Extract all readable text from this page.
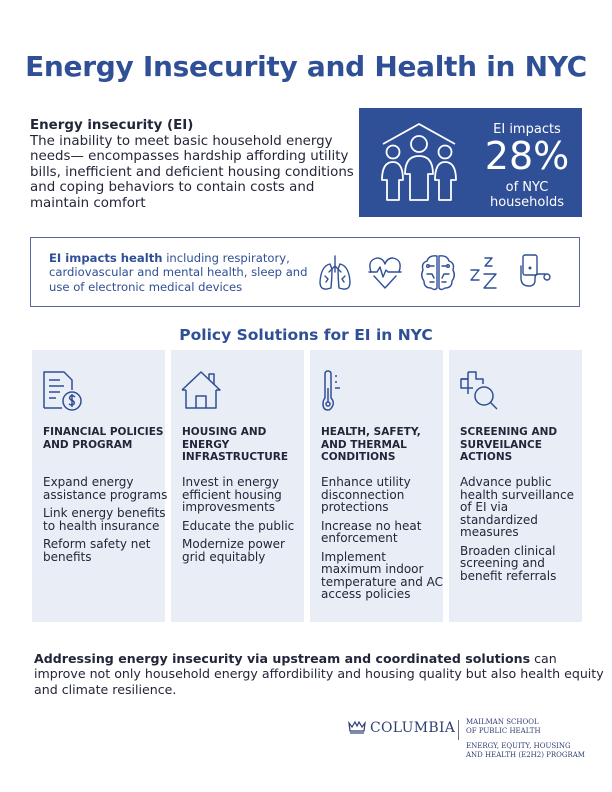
Energy Insecurity and Health in NYC
Energy insecurity (EI)
The inability to meet basic household energy needs— encompasses hardship affording utility bills, inefficient and deficient housing conditions and coping behaviors to contain costs and maintain comfort
EI impacts
28%
of NYC
households
EI impacts health including respiratory, cardiovascular and mental health, sleep and use of electronic medical devices
Policy Solutions for EI in NYC
FINANCIAL POLICIES AND PROGRAM
Expand energy assistance programs
Link energy benefits to health insurance
Reform safety net benefits
HOUSING AND ENERGY INFRASTRUCTURE
Invest in energy efficient housing improvesments
Educate the public
Modernize power grid equitably
HEALTH, SAFETY, AND THERMAL CONDITIONS
Enhance utility disconnection protections
Increase no heat enforcement
Implement maximum indoor temperature and AC access policies
SCREENING AND SURVEILANCE ACTIONS
Advance public health surveillance of EI via standardized measures
Broaden clinical screening and benefit referrals
Addressing energy insecurity via upstream and coordinated solutions can improve not only household energy affordibility and housing quality but also health equity and climate resilience.
COLUMBIA MAILMAN SCHOOL
OF PUBLIC HEALTH
ENERGY, EQUITY, HOUSING
AND HEALTH (E2H2) PROGRAM
